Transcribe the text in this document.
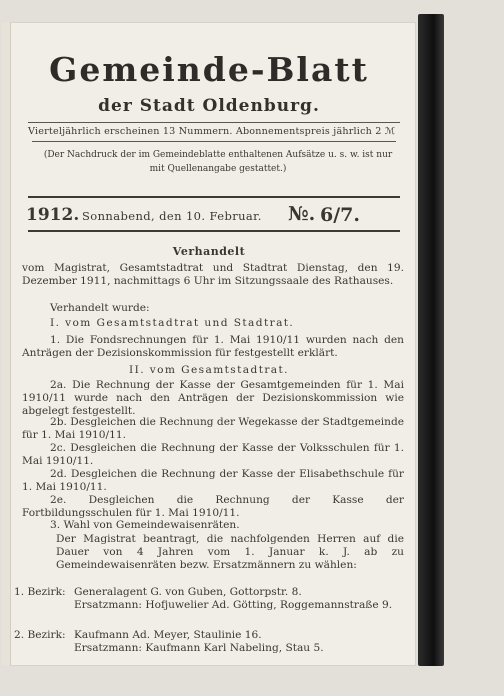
Gemeinde-Blatt
der Stadt Oldenburg.
Vierteljährlich erscheinen 13 Nummern. Abonnementspreis jährlich 2 ℳ
(Der Nachdruck der im Gemeindeblatte enthaltenen Aufsätze u. s. w. ist nur mit Quellenangabe gestattet.)
1912. Sonnabend, den 10. Februar. №. 6/7.
Verhandelt
vom Magistrat, Gesamtstadtrat und Stadtrat Dienstag, den 19. Dezember 1911, nachmittags 6 Uhr im Sitzungssaale des Rathauses.
Verhandelt wurde:
I. vom Gesamtstadtrat und Stadtrat.
1. Die Fondsrechnungen für 1. Mai 1910/11 wurden nach den Anträgen der Dezisionskommission für festgestellt erklärt.
II. vom Gesamtstadtrat.
2a. Die Rechnung der Kasse der Gesamtgemeinden für 1. Mai 1910/11 wurde nach den Anträgen der Dezisionskommission wie abgelegt festgestellt.
2b. Desgleichen die Rechnung der Wegekasse der Stadtgemeinde für 1. Mai 1910/11.
2c. Desgleichen die Rechnung der Kasse der Volksschulen für 1. Mai 1910/11.
2d. Desgleichen die Rechnung der Kasse der Elisabethschule für 1. Mai 1910/11.
2e. Desgleichen die Rechnung der Kasse der Fortbildungsschulen für 1. Mai 1910/11.
3. Wahl von Gemeindewaisenräten.
Der Magistrat beantragt, die nachfolgenden Herren auf die Dauer von 4 Jahren vom 1. Januar k. J. ab zu Gemeindewaisenräten bezw. Ersatzmännern zu wählen:
1. Bezirk: Generalagent G. von Guben, Gottorpstr. 8.
Ersatzmann: Hofjuwelier Ad. Götting, Roggemannstraße 9.
2. Bezirk: Kaufmann Ad. Meyer, Staulinie 16.
Ersatzmann: Kaufmann Karl Nabeling, Stau 5.
